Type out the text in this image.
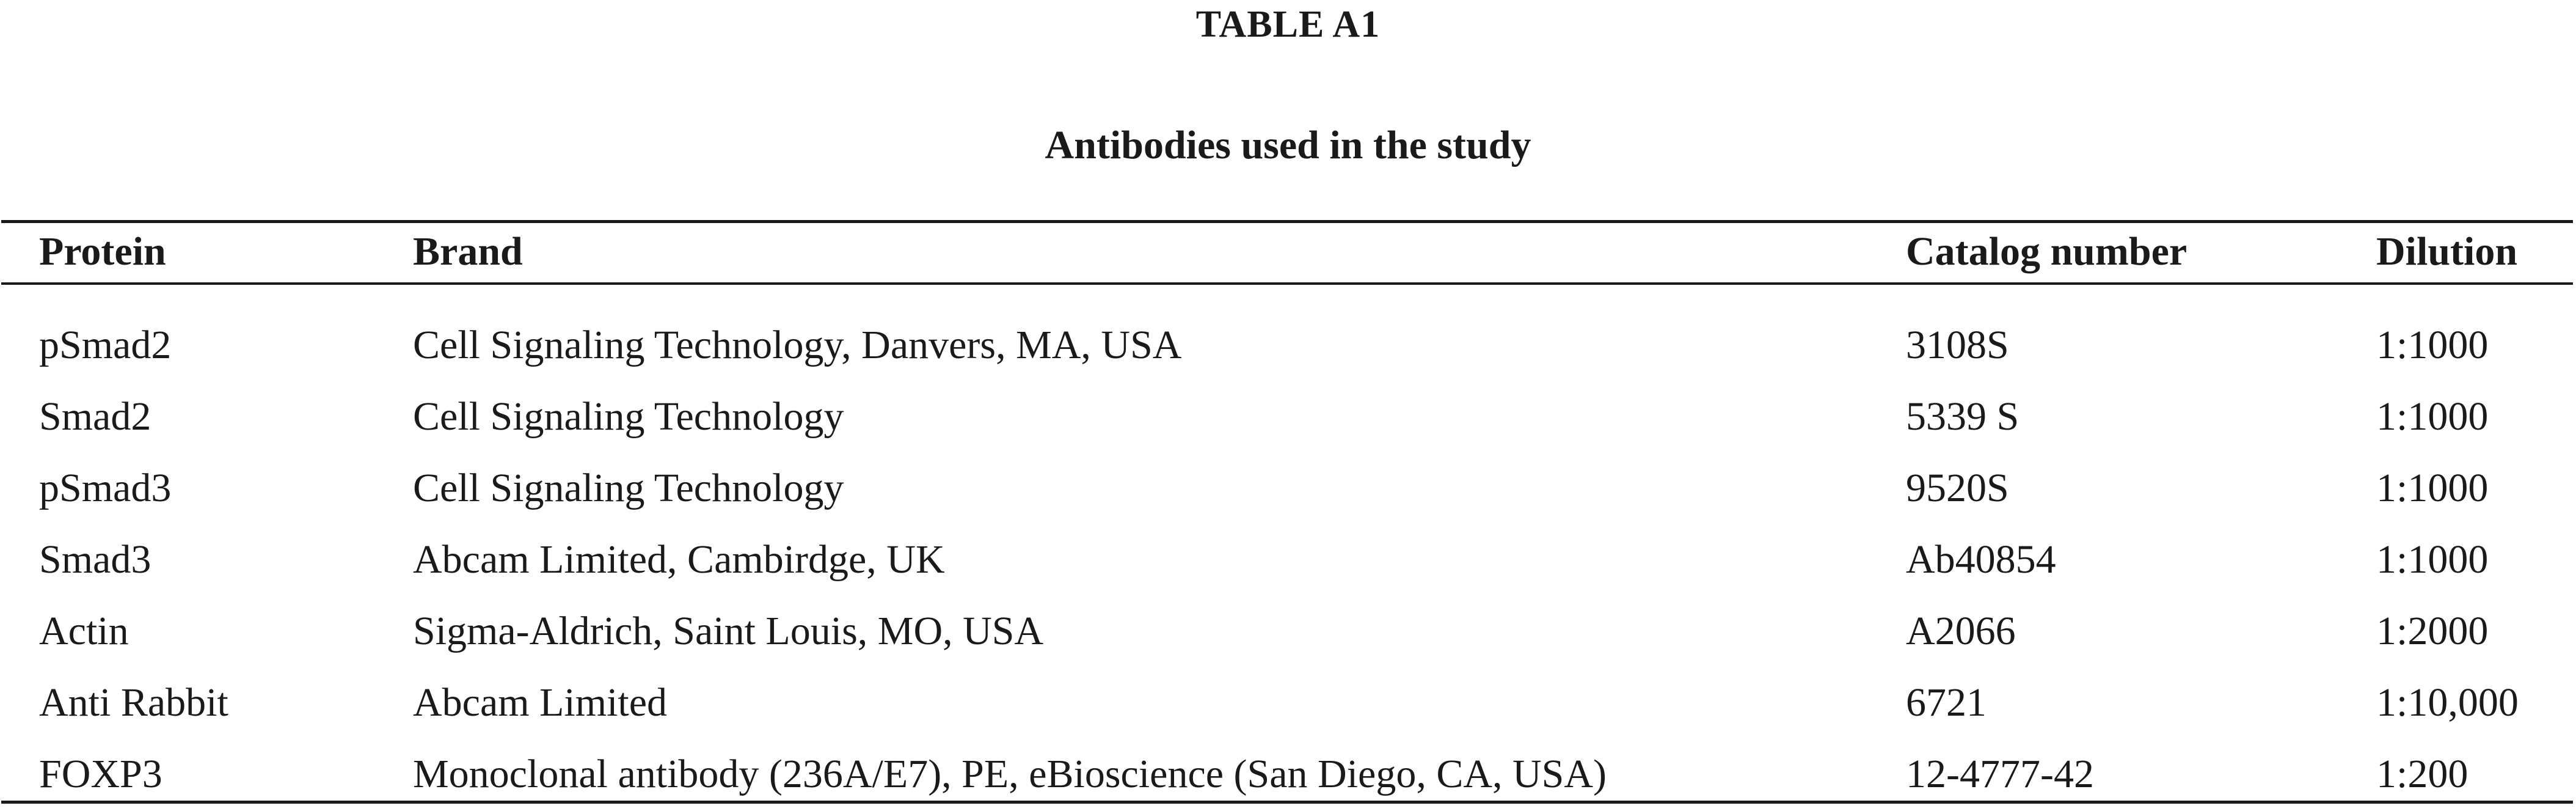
TABLE A1
Antibodies used in the study
Protein	Brand	Catalog number	Dilution
pSmad2	Cell Signaling Technology, Danvers, MA, USA	3108S	1:1000
Smad2	Cell Signaling Technology	5339 S	1:1000
pSmad3	Cell Signaling Technology	9520S	1:1000
Smad3	Abcam Limited, Cambirdge, UK	Ab40854	1:1000
Actin	Sigma-Aldrich, Saint Louis, MO, USA	A2066	1:2000
Anti Rabbit	Abcam Limited	6721	1:10,000
FOXP3	Monoclonal antibody (236A/E7), PE, eBioscience (San Diego, CA, USA)	12-4777-42	1:200
